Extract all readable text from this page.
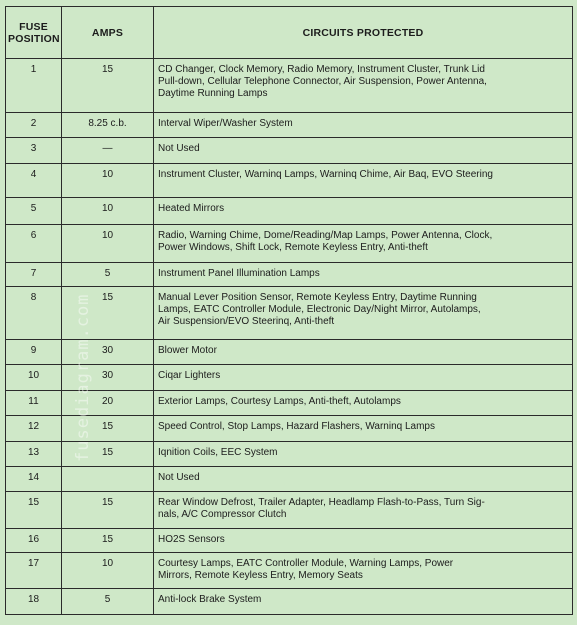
FUSE
POSITION	AMPS	CIRCUITS PROTECTED
1	15	CD Changer, Clock Memory, Radio Memory, Instrument Cluster, Trunk Lid
Pull-down, Cellular Telephone Connector, Air Suspension, Power Antenna,
Daytime Running Lamps
2	8.25 c.b.	Interval Wiper/Washer System
3	—	Not Used
4	10	Instrument Cluster, Warninq Lamps, Warninq Chime, Air Baq, EVO Steering
5	10	Heated Mirrors
6	10	Radio, Warning Chime, Dome/Reading/Map Lamps, Power Antenna, Clock,
Power Windows, Shift Lock, Remote Keyless Entry, Anti-theft
7	5	Instrument Panel Illumination Lamps
8	15	Manual Lever Position Sensor, Remote Keyless Entry, Daytime Running
Lamps, EATC Controller Module, Electronic Day/Night Mirror, Autolamps,
Air Suspension/EVO Steerinq, Anti-theft
9	30	Blower Motor
10	30	Ciqar Lighters
11	20	Exterior Lamps, Courtesy Lamps, Anti-theft, Autolamps
12	15	Speed Control, Stop Lamps, Hazard Flashers, Warninq Lamps
13	15	Iqnition Coils, EEC System
14		Not Used
15	15	Rear Window Defrost, Trailer Adapter, Headlamp Flash-to-Pass, Turn Sig-
nals, A/C Compressor Clutch
16	15	HO2S Sensors
17	10	Courtesy Lamps, EATC Controller Module, Warning Lamps, Power
Mirrors, Remote Keyless Entry, Memory Seats
18	5	Anti-lock Brake System
fusediagram.com
